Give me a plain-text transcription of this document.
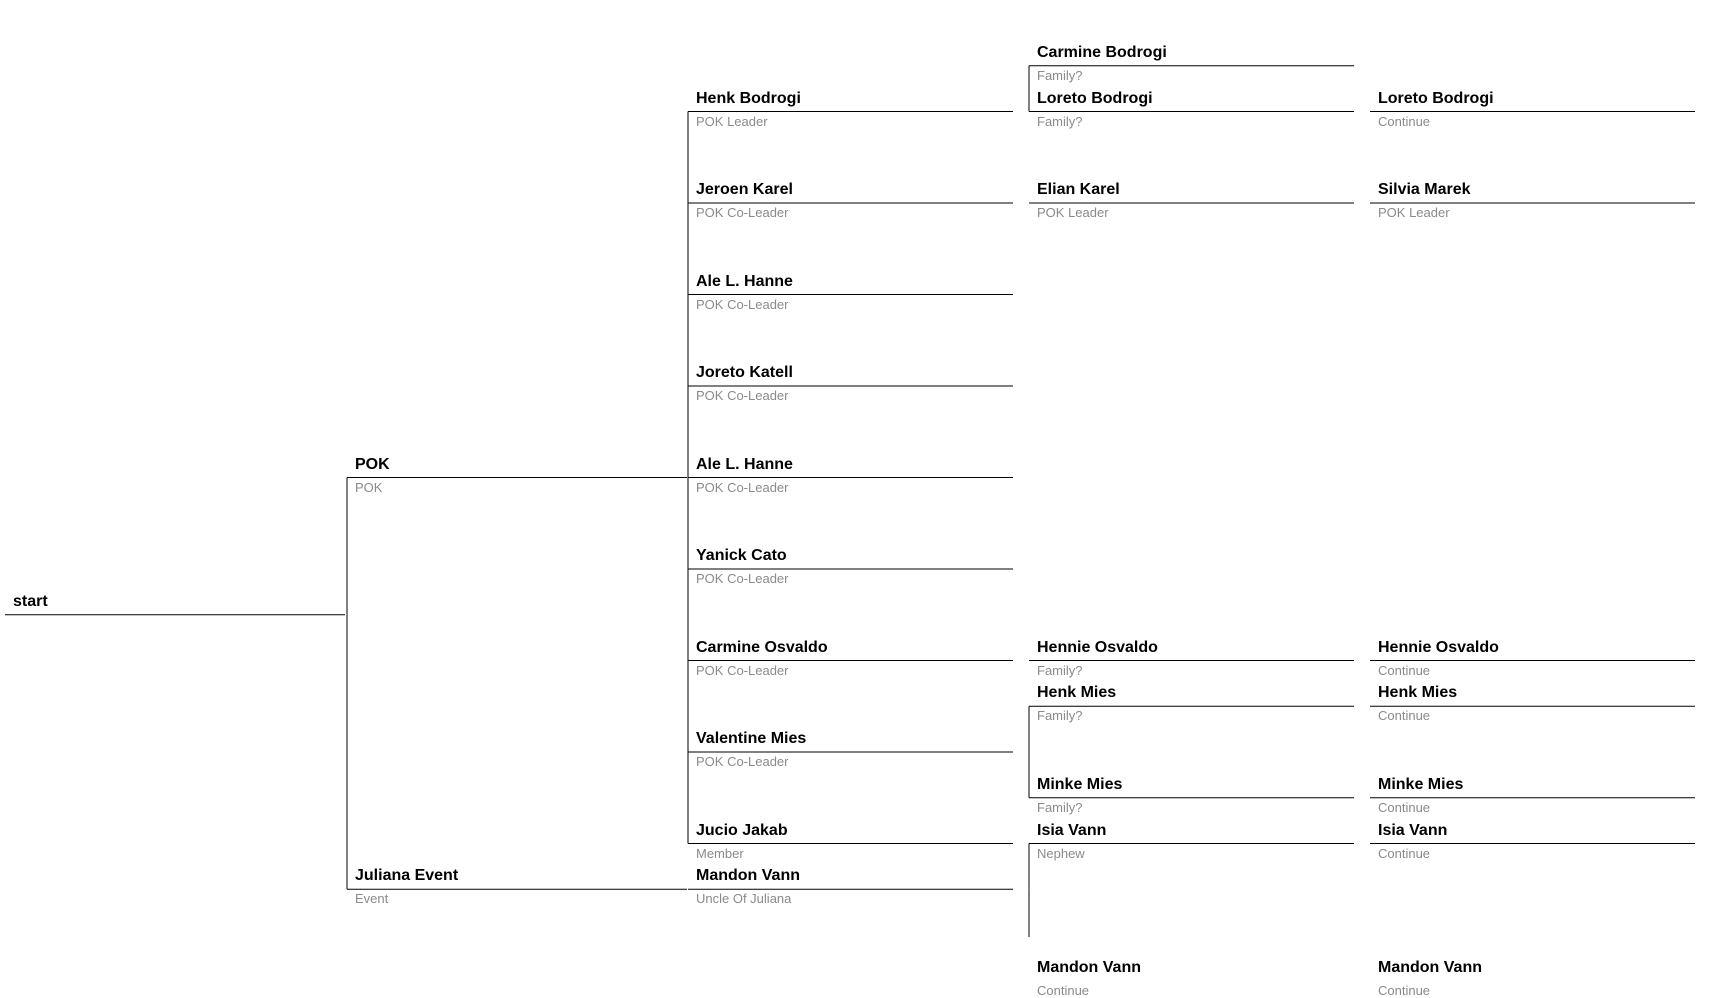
start
POK
POK
Juliana Event
Event
Henk Bodrogi
POK Leader
Jeroen Karel
POK Co-Leader
Ale L. Hanne
POK Co-Leader
Joreto Katell
POK Co-Leader
Ale L. Hanne
POK Co-Leader
Yanick Cato
POK Co-Leader
Carmine Osvaldo
POK Co-Leader
Valentine Mies
POK Co-Leader
Jucio Jakab
Member
Mandon Vann
Uncle Of Juliana
Carmine Bodrogi
Family?
Loreto Bodrogi
Family?
Elian Karel
POK Leader
Hennie Osvaldo
Family?
Henk Mies
Family?
Minke Mies
Family?
Isia Vann
Nephew
Mandon Vann
Continue
Loreto Bodrogi
Continue
Silvia Marek
POK Leader
Hennie Osvaldo
Continue
Henk Mies
Continue
Minke Mies
Continue
Isia Vann
Continue
Mandon Vann
Continue
